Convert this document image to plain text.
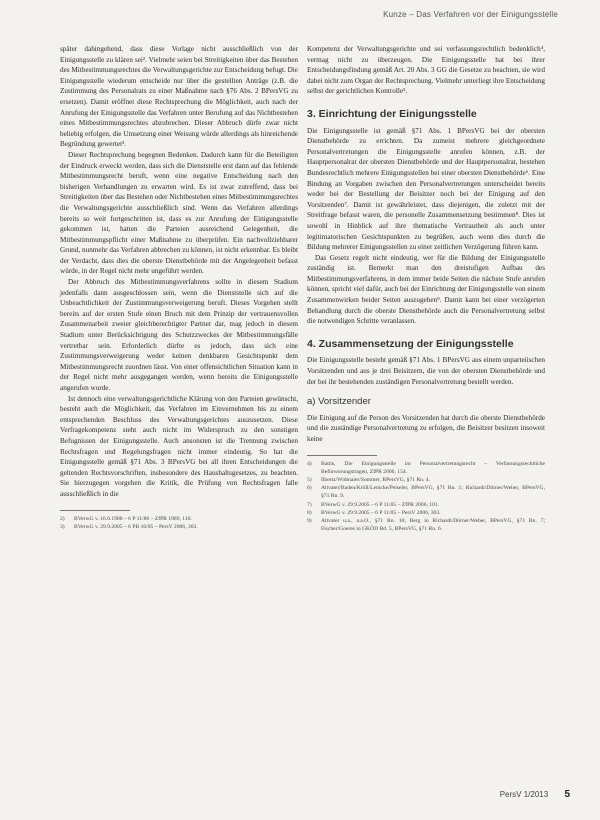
Kunze – Das Verfahren vor der Einigungsstelle

später dahingehend, dass diese Vorlage nicht ausschließlich von der Einigungsstelle zu klären sei². Vielmehr seien bei Streitigkeiten über das Bestehen des Mitbestimmungsrechtes die Verwaltungsgerichte zur Entscheidung befugt. Die Einigungsstelle wiederum entscheide nur über die gestellten Anträge (z.B. die Zustimmung des Personalrats zu einer Maßnahme nach §76 Abs. 2 BPersVG zu ersetzen). Damit eröffnet diese Rechtsprechung die Möglichkeit, auch nach der Anrufung der Einigungsstelle das Verfahren unter Berufung auf das Nichtbestehen eines Mitbestimmungsrechtes abzubrechen. Dieser Abbruch dürfe zwar nicht beliebig erfolgen, die Umsetzung einer Weisung würde allerdings als hinreichende Begründung gewertet³.

Dieser Rechtsprechung begegnen Bedenken. Dadurch kann für die Beteiligten der Eindruck erweckt werden, dass sich die Dienststelle erst dann auf das fehlende Mitbestimmungsrecht beruft, wenn eine negative Entscheidung nach den bisherigen Verhandlungen zu erwarten wird. Es ist zwar zutreffend, dass bei Streitigkeiten über das Bestehen oder Nichtbestehen eines Mitbestimmungsrechtes die Verwaltungsgerichte ausschließlich sind. Wenn das Verfahren allerdings bereits so weit fortgeschritten ist, dass es zur Anrufung der Einigungsstelle gekommen ist, hatten die Parteien ausreichend Gelegenheit, die Mitbestimmungspflicht einer Maßnahme zu überprüfen. Ein nachvollziehbarer Grund, nunmehr das Verfahren abbrechen zu können, ist nicht erkennbar. Es bleibt der Verdacht, dass dies die oberste Dienstbehörde mit der Angelegenheit befasst würde, in der Regel nicht mehr ungeführt werden.

Der Abbruch des Mitbestimmungsverfahrens sollte in diesem Stadium jedenfalls dann ausgeschlossen sein, wenn die Dienststelle sich auf die Unbeachtlichkeit der Zustimmungsverweigerung beruft. Dieses Vorgehen stellt bereits auf der ersten Stufe einen Bruch mit dem Prinzip der vertrauensvollen Zusammenarbeit zweier gleichberechtigter Partner dar, mag jedoch in diesem Stadium unter Berücksichtigung des Schutzzweckes der Mitbestimmungsfälle vertretbar sein. Erforderlich dürfte es jedoch, dass sich eine Zustimmungsverweigerung weder keinen denkbaren Gesichtspunkt dem Mitbestimmungsrecht zuordnen lässt. Von einer offensichtlichen Situation kann in der Regel nicht mehr ausgegangen werden, wenn bereits die Einigungsstelle angerufen wurde.

Ist dennoch eine verwaltungsgerichtliche Klärung von den Parteien gewünscht, besteht auch die Möglichkeit, das Verfahren im Einvernehmen bis zu einem entsprechenden Beschluss des Verwaltungsgerichtes auszusetzen. Diese Verfragekompetenz steht auch nicht im Widerspruch zu den sonstigen Befugnissen der Einigungsstelle. Auch ansonsten ist die Trennung zwischen Rechtsfragen und Regelungsfragen nicht immer eindeutig. So hat die Einigungsstelle gemäß §71 Abs. 3 BPersVG bei all ihren Entscheidungen die geltenden Rechtsvorschriften, insbesondere des Haushaltsgesetzes, zu beachten. Sie hierzugegen vorgehen die Kritik, die Prüfung von Rechtsfragen falle ausschließlich in die

2)	BVerwG v. 16.6.1988 – 6 P 11/86 – ZfPR 1989, 110.
3)	BVerwG v. 29.9.2005 – 6 PB 10/05 – PersV 2006, 303.

Kompetenz der Verwaltungsgerichte und sei verfassungsrechtlich bedenklich⁴, vermag nicht zu überzeugen. Die Einigungsstelle hat bei ihrer Entscheidungsfindung gemäß Art. 20 Abs. 3 GG die Gesetze zu beachten, sie wird dabei nicht zum Organ der Rechtsprechung. Vielmehr unterliegt ihre Entscheidung selbst der gerichtlichen Kontrolle⁵.

3. Einrichtung der Einigungsstelle

Die Einigungsstelle ist gemäß §71 Abs. 1 BPersVG bei der obersten Dienstbehörde zu errichten. Da zumeist mehrere gleichgeordnete Personalvertretungen die Einigungsstelle anrufen können, z.B. der Hauptpersonalrat der obersten Dienstbehörde und der Hauptpersonalrat, bestehen Bundesrechtlich mehrere Einigungsstellen bei einer obersten Dienstbehörde⁶. Eine Bindung an Vorgaben zwischen den Personalvertretungen unterscheidet bereits weder bei der Bestellung der Beisitzer noch bei der Einigung auf den Vorsitzenden⁷. Damit ist gewährleistet, dass diejenigen, die zuletzt mit der Streitfrage befasst waren, die personelle Zusammensetzung bestimmen⁸. Dies ist sowohl in Hinblick auf ihre thematische Vertrautheit als auch unter legitimatorischen Gesichtspunkten zu begrüßen, auch wenn dies durch die Bildung mehrerer Einigungsstellen zu einer zeitlichen Verzögerung führen kann.

Das Gesetz regelt nicht eindeutig, wer für die Bildung der Einigungsstelle zuständig ist. Bemerkt man den dreistufigen Aufbau des Mitbestimmungsverfahrens, in dem immer beide Seiten die nächste Stufe anrufen können, spricht viel dafür, auch bei der Einrichtung der Einigungsstelle von einem Zusammenwirken beider Seiten auszugehen⁹. Damit kann bei einer verzögerten Behandlung durch die oberste Dienstbehörde auch die Personalvertretung selbst die notwendigen Schritte veranlassen.

4. Zusammensetzung der Einigungsstelle

Die Einigungsstelle besteht gemäß §71 Abs. 1 BPersVG aus einem unparteiischen Vorsitzenden und aus je drei Beisitzern, die von der obersten Dienstbehörde und der bei ihr bestehenden zuständigen Personalvertretung bestellt werden.

a) Vorsitzender

Die Einigung auf die Person des Vorsitzenden hat durch die oberste Dienstbehörde und die zuständige Personalvertretung zu erfolgen, die Beisitzer besitzen insoweit keine

4)	Battis, Die Einigungsstelle im Personalvertretungsrecht – Verfassungsrechtliche Befürworungstragen, ZfPR 2006, 154.
5)	Ilbertz/Widmaier/Sommer, BPersVG, §71 Rn. 4.
6)	Altvater/Baden/Kröll/Lemcke/Peiseler, BPersVG, §71 Rn. 1; Richardi/Dörner/Weber, BPersVG, §71 Rn. 9.
7)	BVerwG v. 29.9.2005 – 6 P 11/05 – ZfPR 2006, 101.
8)	BVerwG v. 29.9.2005 – 6 P 11/05 – PersV 2006, 303.
9)	Altvater u.a., a.a.O., §71 Rn. 10; Berg in Richardi/Dörner/Weber, BPersVG, §71 Rn. 7; Fischer/Goeres in GKÖD Bd. 5, BPersVG, §71 Rn. 6.
PersV 1/2013 5
